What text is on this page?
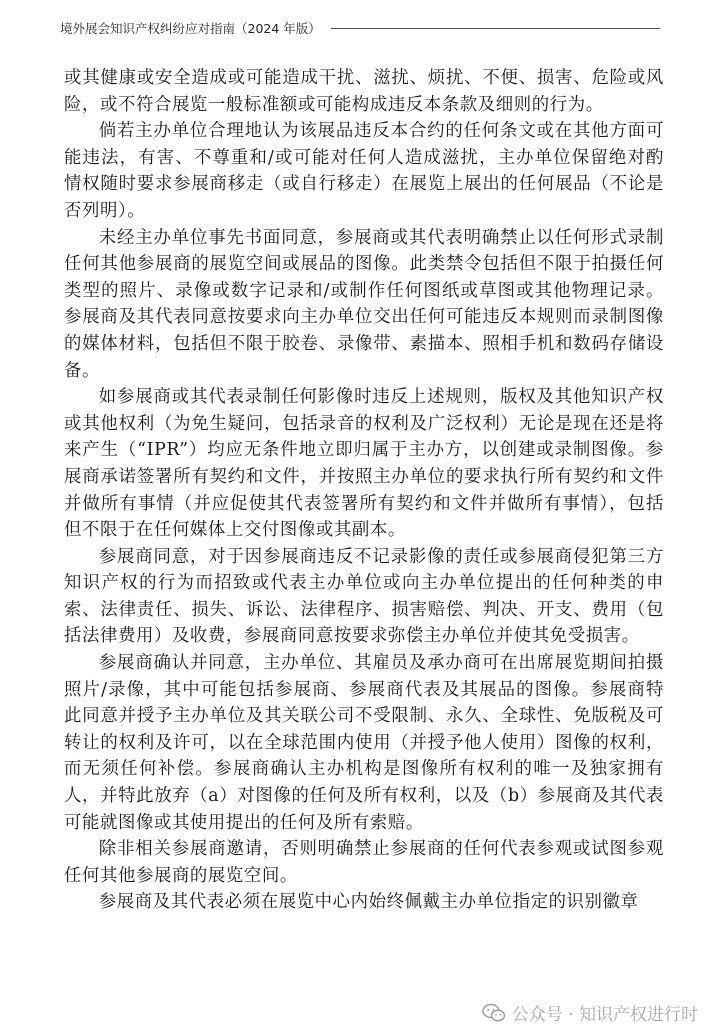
境外展会知识产权纠纷应对指南（2024 年版）

或其健康或安全造成或可能造成干扰、滋扰、烦扰、不便、损害、危险或风险，或不符合展览一般标准额或可能构成违反本条款及细则的行为。

倘若主办单位合理地认为该展品违反本合约的任何条文或在其他方面可能违法，有害、不尊重和/或可能对任何人造成滋扰，主办单位保留绝对酌情权随时要求参展商移走（或自行移走）在展览上展出的任何展品（不论是否列明）。

未经主办单位事先书面同意，参展商或其代表明确禁止以任何形式录制任何其他参展商的展览空间或展品的图像。此类禁令包括但不限于拍摄任何类型的照片、录像或数字记录和/或制作任何图纸或草图或其他物理记录。参展商及其代表同意按要求向主办单位交出任何可能违反本规则而录制图像的媒体材料，包括但不限于胶卷、录像带、素描本、照相手机和数码存储设备。

如参展商或其代表录制任何影像时违反上述规则，版权及其他知识产权或其他权利（为免生疑问，包括录音的权利及广泛权利）无论是现在还是将来产生（“IPR”）均应无条件地立即归属于主办方，以创建或录制图像。参展商承诺签署所有契约和文件，并按照主办单位的要求执行所有契约和文件并做所有事情（并应促使其代表签署所有契约和文件并做所有事情），包括但不限于在任何媒体上交付图像或其副本。

参展商同意，对于因参展商违反不记录影像的责任或参展商侵犯第三方知识产权的行为而招致或代表主办单位或向主办单位提出的任何种类的申索、法律责任、损失、诉讼、法律程序、损害赔偿、判决、开支、费用（包括法律费用）及收费，参展商同意按要求弥偿主办单位并使其免受损害。

参展商确认并同意，主办单位、其雇员及承办商可在出席展览期间拍摄照片/录像，其中可能包括参展商、参展商代表及其展品的图像。参展商特此同意并授予主办单位及其关联公司不受限制、永久、全球性、免版税及可转让的权利及许可，以在全球范围内使用（并授予他人使用）图像的权利，而无须任何补偿。参展商确认主办机构是图像所有权利的唯一及独家拥有人，并特此放弃（a）对图像的任何及所有权利，以及（b）参展商及其代表可能就图像或其使用提出的任何及所有索赔。

除非相关参展商邀请，否则明确禁止参展商的任何代表参观或试图参观任何其他参展商的展览空间。

参展商及其代表必须在展览中心内始终佩戴主办单位指定的识别徽章

公众号 · 知识产权进行时
